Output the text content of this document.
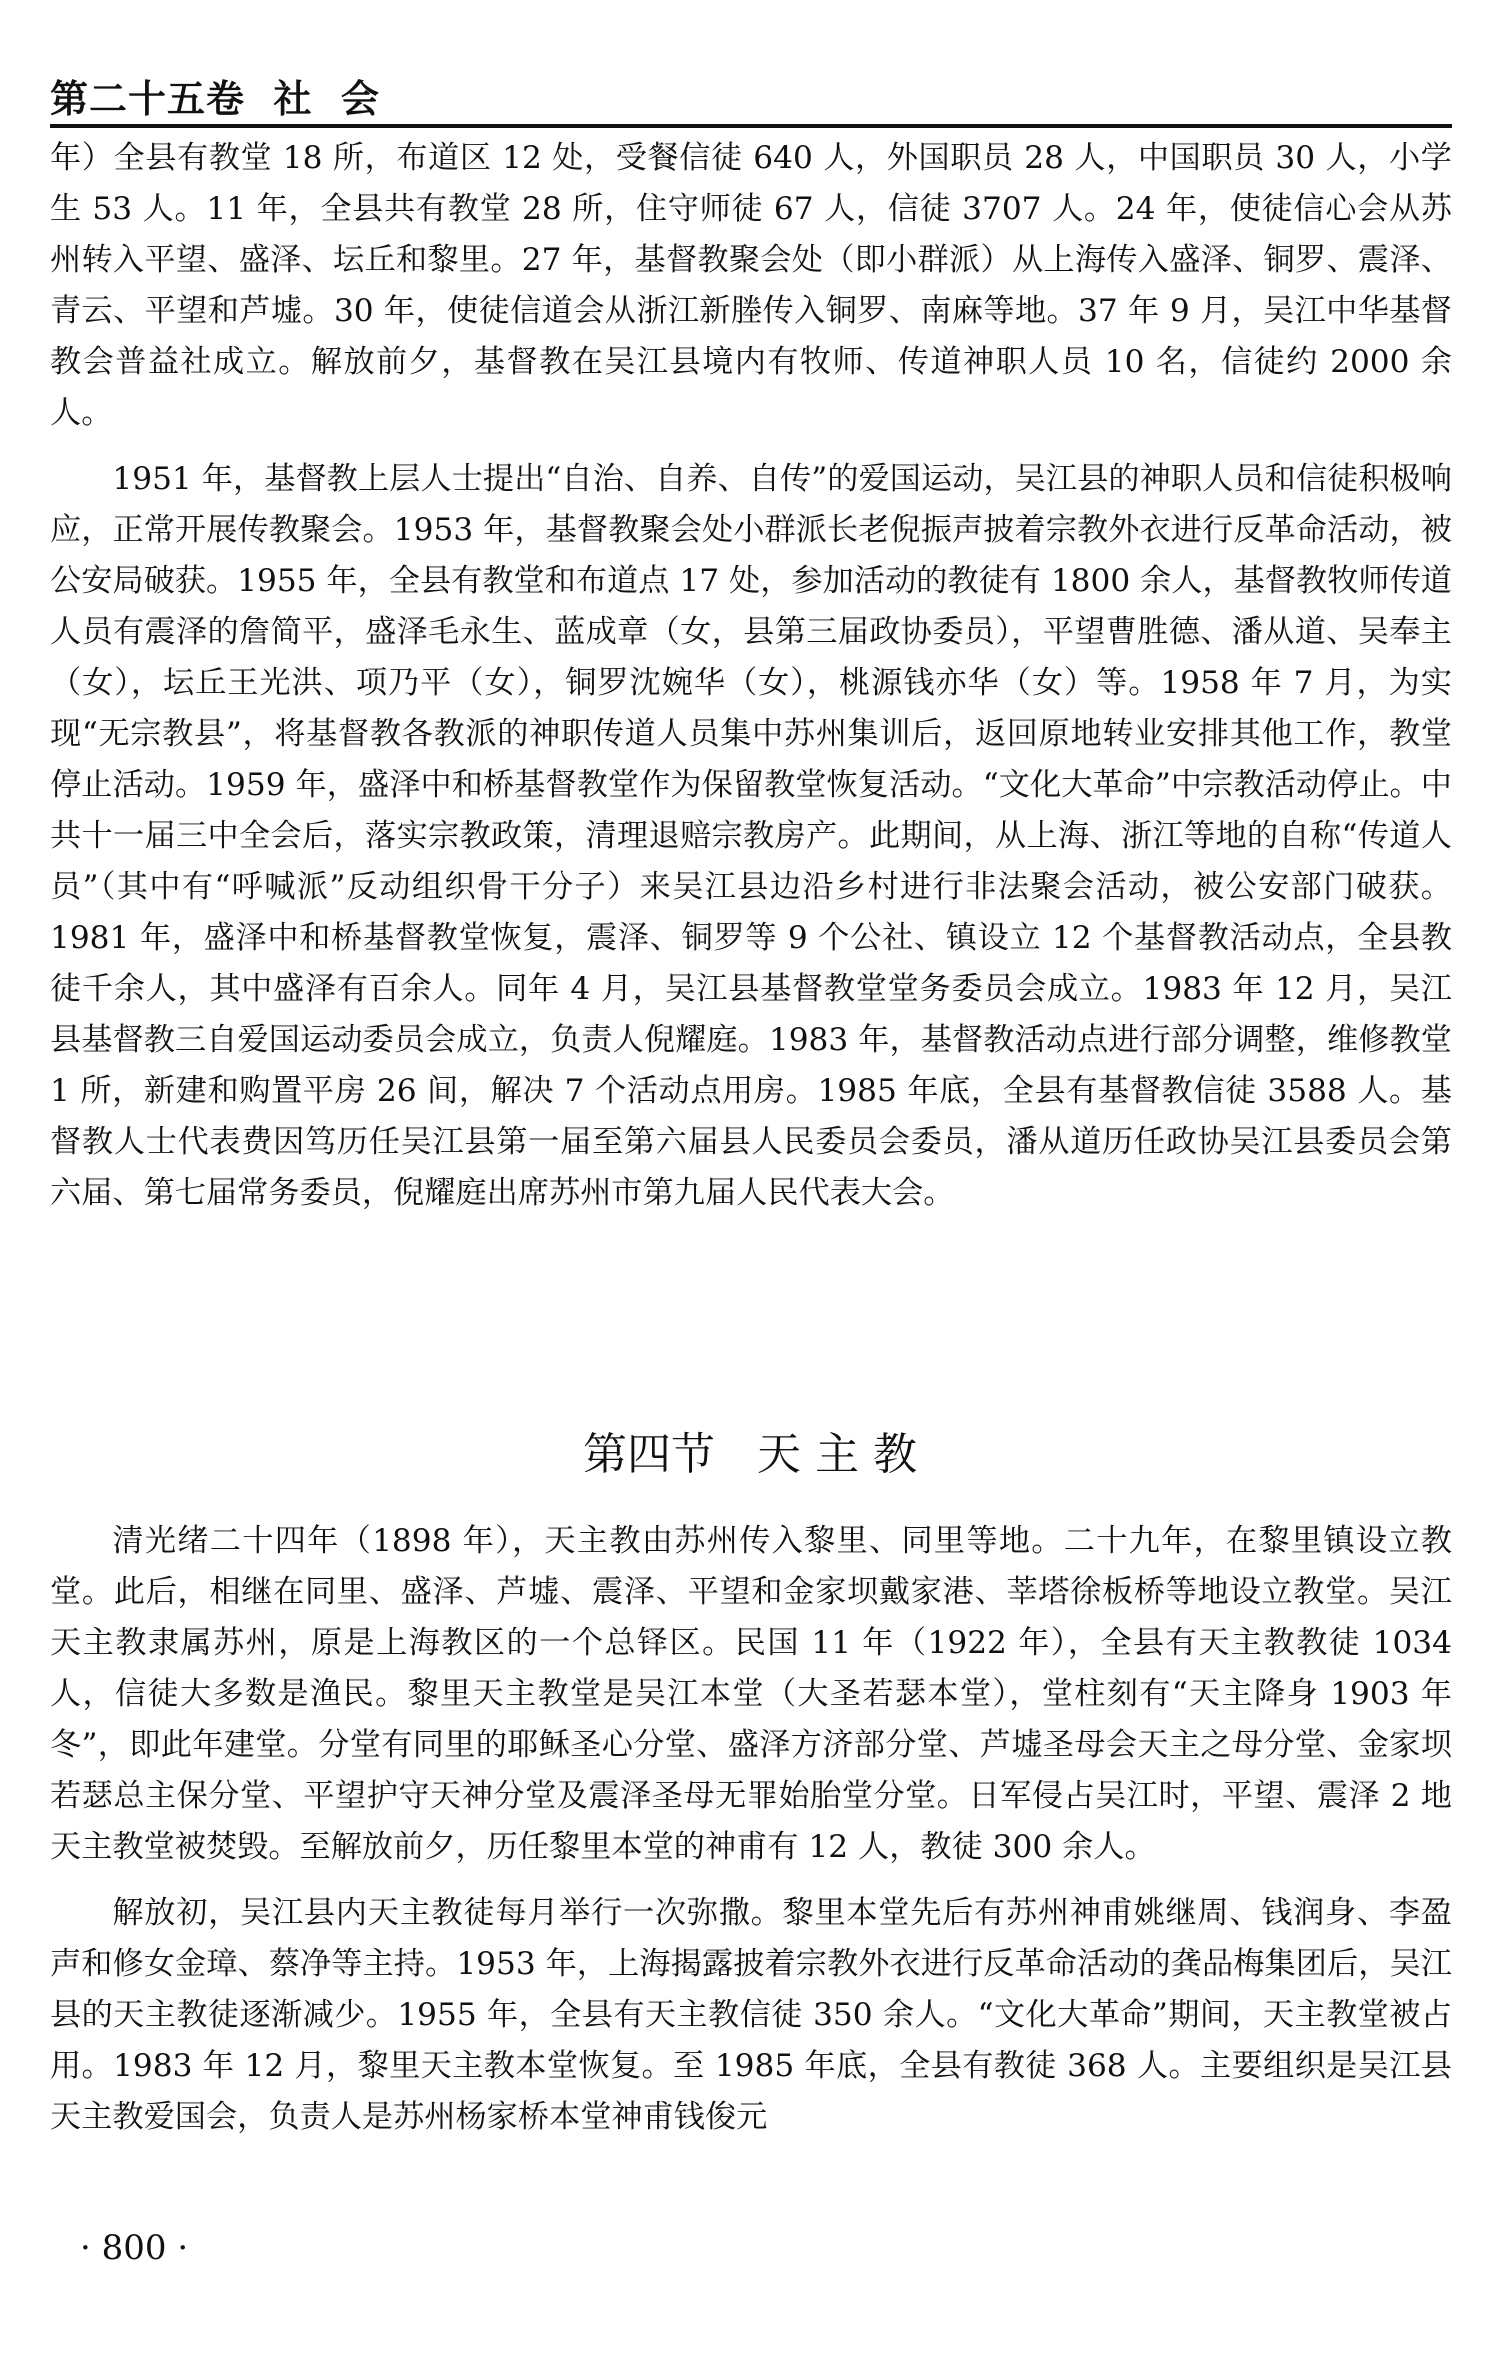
第二十五卷  社  会

年）全县有教堂 18 所，布道区 12 处，受餐信徒 640 人，外国职员 28 人，中国职员 30 人，小学生 53 人。11 年，全县共有教堂 28 所，住守师徒 67 人，信徒 3707 人。24 年，使徒信心会从苏州转入平望、盛泽、坛丘和黎里。27 年，基督教聚会处（即小群派）从上海传入盛泽、铜罗、震泽、青云、平望和芦墟。30 年，使徒信道会从浙江新塍传入铜罗、南麻等地。37 年 9 月，吴江中华基督教会普益社成立。解放前夕，基督教在吴江县境内有牧师、传道神职人员 10 名，信徒约 2000 余人。

1951 年，基督教上层人士提出“自治、自养、自传”的爱国运动，吴江县的神职人员和信徒积极响应，正常开展传教聚会。1953 年，基督教聚会处小群派长老倪振声披着宗教外衣进行反革命活动，被公安局破获。1955 年，全县有教堂和布道点 17 处，参加活动的教徒有 1800 余人，基督教牧师传道人员有震泽的詹简平，盛泽毛永生、蓝成章（女，县第三届政协委员），平望曹胜德、潘从道、吴奉主（女），坛丘王光洪、项乃平（女），铜罗沈婉华（女），桃源钱亦华（女）等。1958 年 7 月，为实现“无宗教县”，将基督教各教派的神职传道人员集中苏州集训后，返回原地转业安排其他工作，教堂停止活动。1959 年，盛泽中和桥基督教堂作为保留教堂恢复活动。“文化大革命”中宗教活动停止。中共十一届三中全会后，落实宗教政策，清理退赔宗教房产。此期间，从上海、浙江等地的自称“传道人员”（其中有“呼喊派”反动组织骨干分子）来吴江县边沿乡村进行非法聚会活动，被公安部门破获。1981 年，盛泽中和桥基督教堂恢复，震泽、铜罗等 9 个公社、镇设立 12 个基督教活动点，全县教徒千余人，其中盛泽有百余人。同年 4 月，吴江县基督教堂堂务委员会成立。1983 年 12 月，吴江县基督教三自爱国运动委员会成立，负责人倪耀庭。1983 年，基督教活动点进行部分调整，维修教堂 1 所，新建和购置平房 26 间，解决 7 个活动点用房。1985 年底，全县有基督教信徒 3588 人。基督教人士代表费因笃历任吴江县第一届至第六届县人民委员会委员，潘从道历任政协吴江县委员会第六届、第七届常务委员，倪耀庭出席苏州市第九届人民代表大会。

第四节   天 主 教

清光绪二十四年（1898 年），天主教由苏州传入黎里、同里等地。二十九年，在黎里镇设立教堂。此后，相继在同里、盛泽、芦墟、震泽、平望和金家坝戴家港、莘塔徐板桥等地设立教堂。吴江天主教隶属苏州，原是上海教区的一个总铎区。民国 11 年（1922 年），全县有天主教教徒 1034 人，信徒大多数是渔民。黎里天主教堂是吴江本堂（大圣若瑟本堂），堂柱刻有“天主降身 1903 年冬”，即此年建堂。分堂有同里的耶稣圣心分堂、盛泽方济部分堂、芦墟圣母会天主之母分堂、金家坝若瑟总主保分堂、平望护守天神分堂及震泽圣母无罪始胎堂分堂。日军侵占吴江时，平望、震泽 2 地天主教堂被焚毁。至解放前夕，历任黎里本堂的神甫有 12 人，教徒 300 余人。

解放初，吴江县内天主教徒每月举行一次弥撒。黎里本堂先后有苏州神甫姚继周、钱润身、李盈声和修女金璋、蔡净等主持。1953 年，上海揭露披着宗教外衣进行反革命活动的龚品梅集团后，吴江县的天主教徒逐渐减少。1955 年，全县有天主教信徒 350 余人。“文化大革命”期间，天主教堂被占用。1983 年 12 月，黎里天主教本堂恢复。至 1985 年底，全县有教徒 368 人。主要组织是吴江县天主教爱国会，负责人是苏州杨家桥本堂神甫钱俊元

· 800 ·
